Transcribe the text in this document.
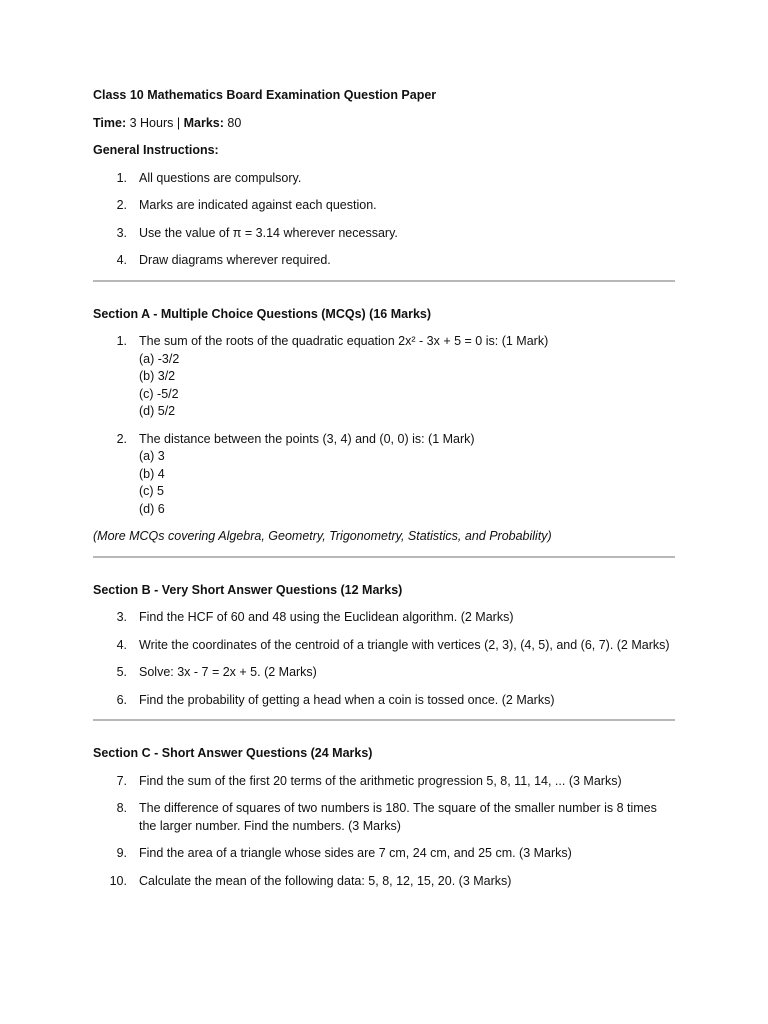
Class 10 Mathematics Board Examination Question Paper

Time: 3 Hours | Marks: 80

General Instructions:

1. All questions are compulsory.
2. Marks are indicated against each question.
3. Use the value of π = 3.14 wherever necessary.
4. Draw diagrams wherever required.

Section A - Multiple Choice Questions (MCQs) (16 Marks)

1. The sum of the roots of the quadratic equation 2x² - 3x + 5 = 0 is: (1 Mark)
(a) -3/2
(b) 3/2
(c) -5/2
(d) 5/2
2. The distance between the points (3, 4) and (0, 0) is: (1 Mark)
(a) 3
(b) 4
(c) 5
(d) 6

(More MCQs covering Algebra, Geometry, Trigonometry, Statistics, and Probability)

Section B - Very Short Answer Questions (12 Marks)

3. Find the HCF of 60 and 48 using the Euclidean algorithm. (2 Marks)
4. Write the coordinates of the centroid of a triangle with vertices (2, 3), (4, 5), and (6, 7). (2 Marks)
5. Solve: 3x - 7 = 2x + 5. (2 Marks)
6. Find the probability of getting a head when a coin is tossed once. (2 Marks)

Section C - Short Answer Questions (24 Marks)

7. Find the sum of the first 20 terms of the arithmetic progression 5, 8, 11, 14, ... (3 Marks)
8. The difference of squares of two numbers is 180. The square of the smaller number is 8 times the larger number. Find the numbers. (3 Marks)
9. Find the area of a triangle whose sides are 7 cm, 24 cm, and 25 cm. (3 Marks)
10. Calculate the mean of the following data: 5, 8, 12, 15, 20. (3 Marks)
